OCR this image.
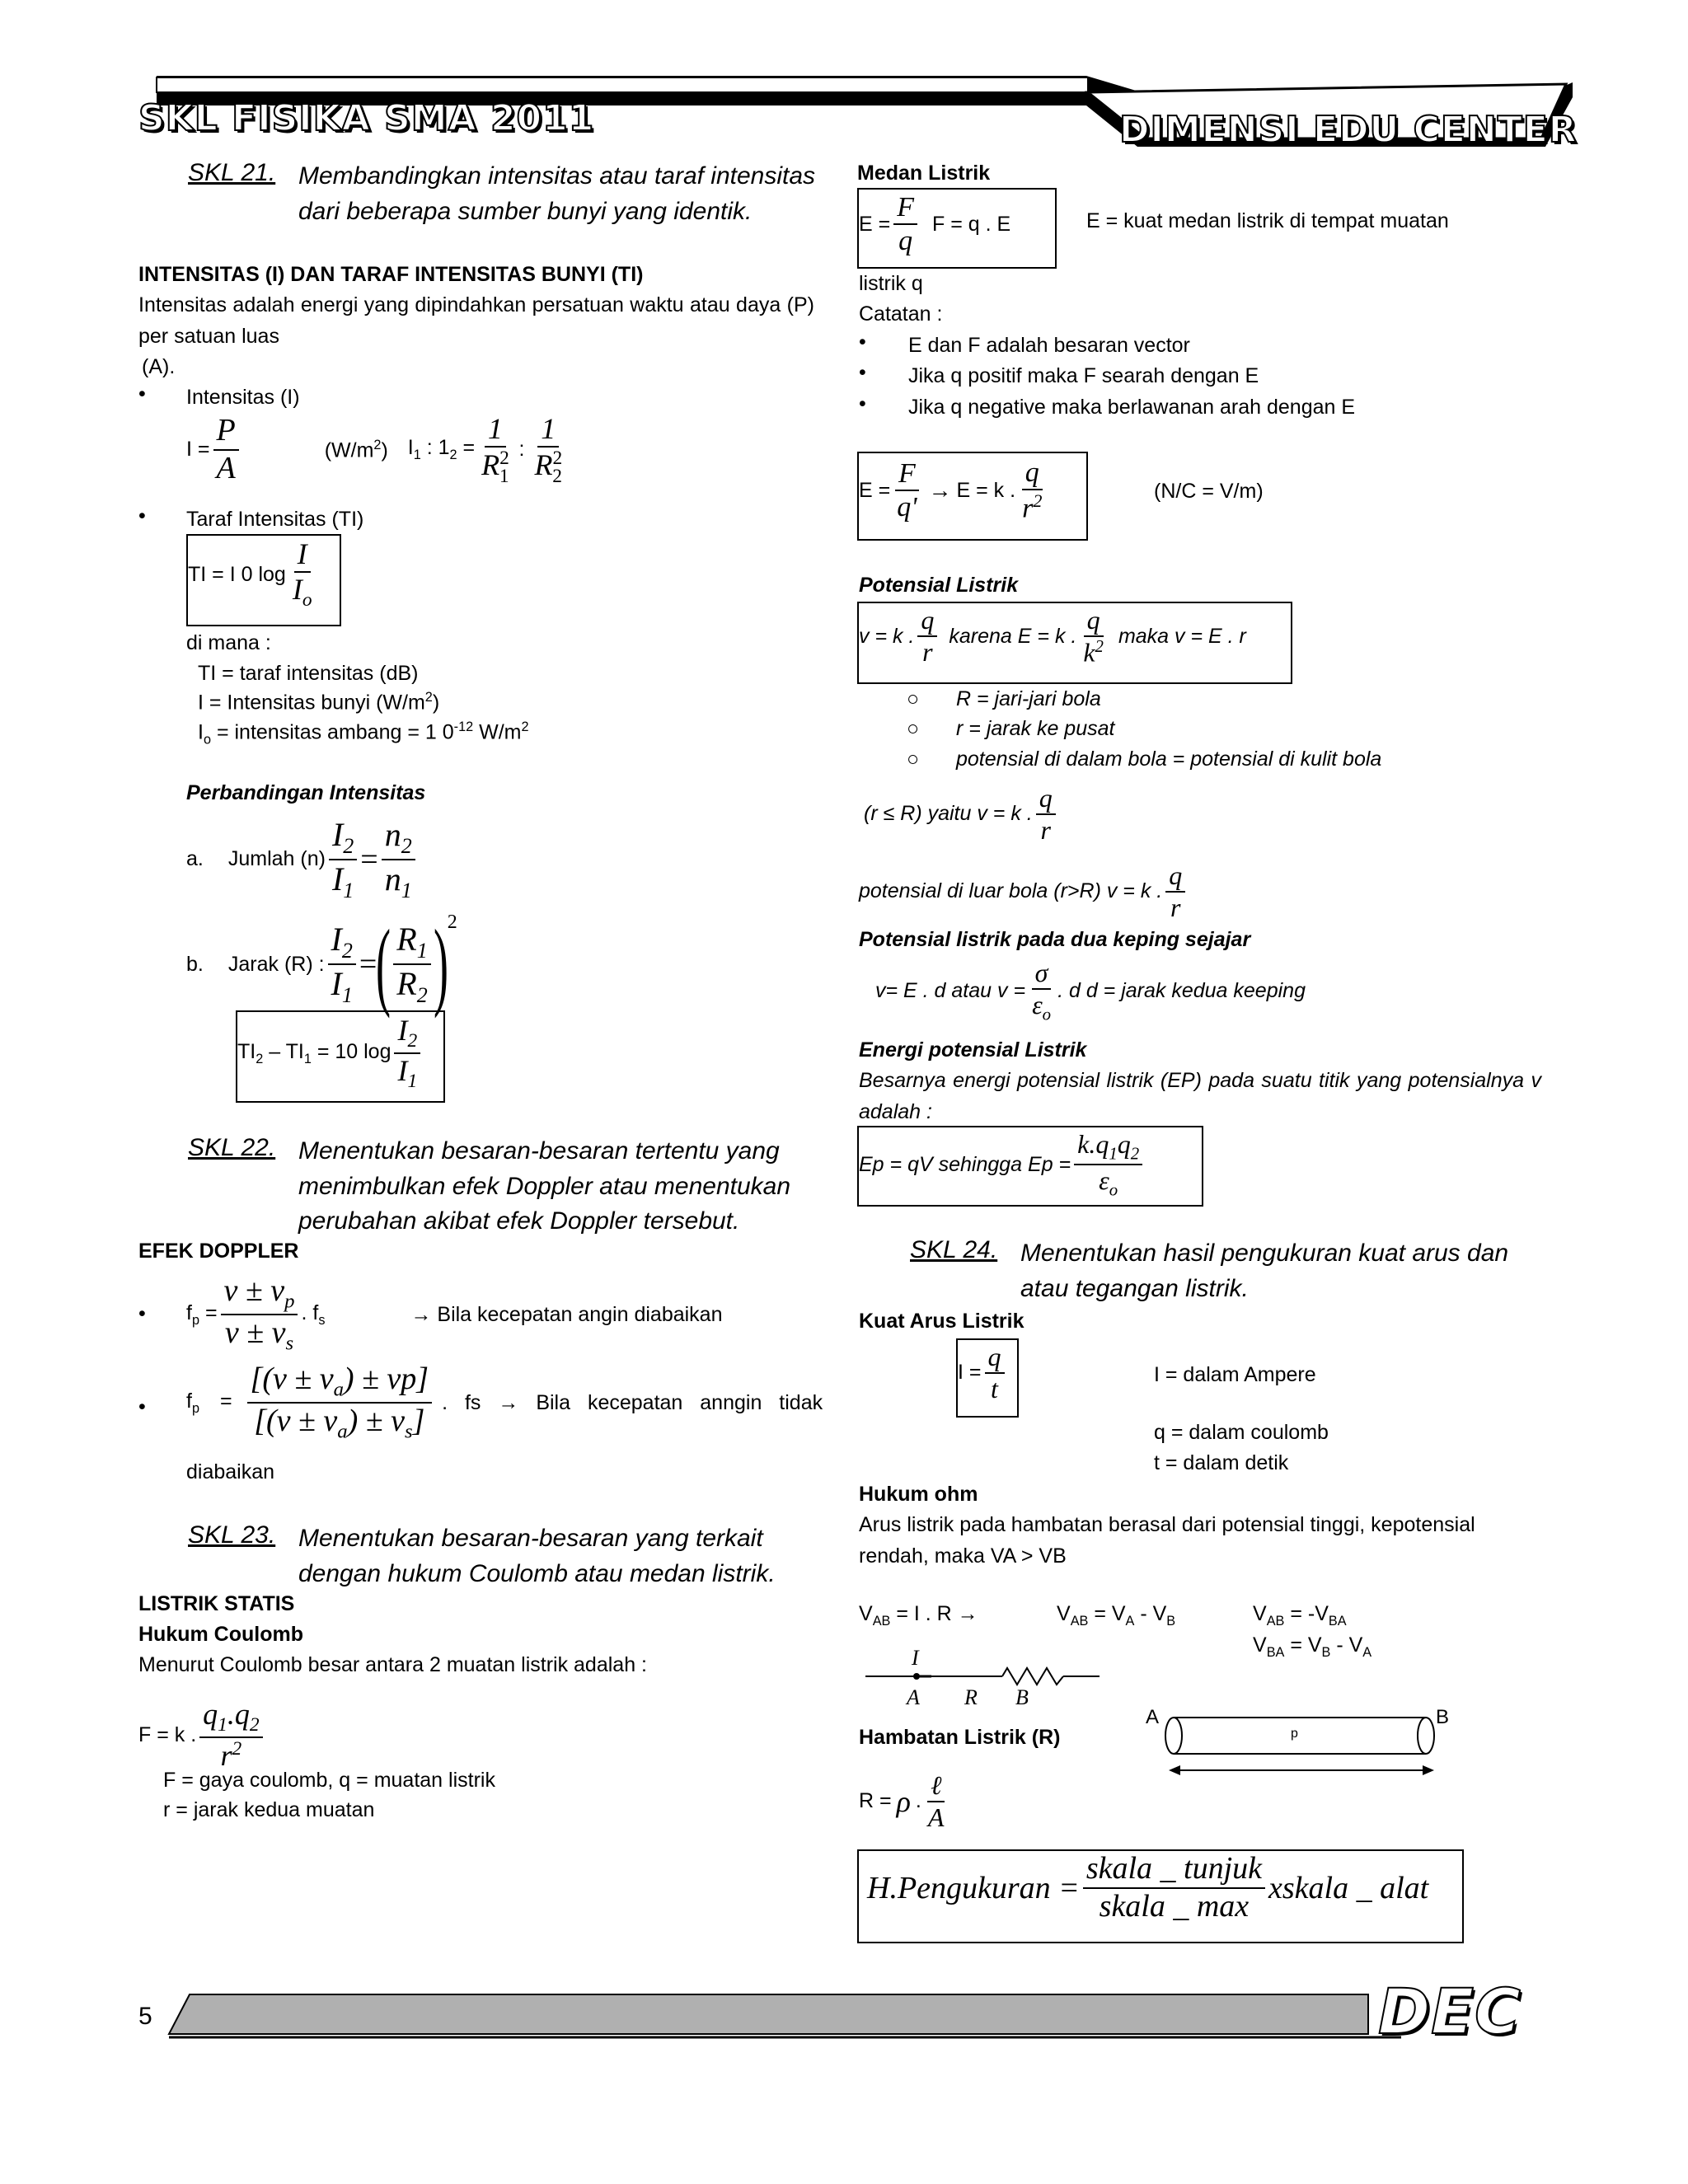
SKL FISIKA SMA 2011	DIMENSI EDU CENTER
SKL 21. Membandingkan intensitas atau taraf intensitas dari beberapa sumber bunyi yang identik.
INTENSITAS (I) DAN TARAF INTENSITAS BUNYI (TI)
Intensitas adalah energi yang dipindahkan persatuan waktu atau daya (P) per satuan luas
(A).
• Intensitas (I)
$I = \frac{P}{A}$	$(W/m^2)$ $I_1$ : $1_2 = \frac{1}{R^2_1}$ : $\frac{1}{R^2_2}$
• Taraf Intensitas (TI)
TI = I 0 $\log \frac{I}{I_o}$
di mana :
TI = taraf intensitas (dB)
I = Intensitas bunyi $(W/m^2)$
$I_o$ = intensitas ambang = 1 $0^{-12}$ $W/m^2$
Perbandingan Intensitas
a. Jumlah $(n) \frac{I_2}{I_1} = \frac{n_2}{n_1}$
b. Jarak (R) : $\frac{I_2}{I_1}$ =
( $\frac{R_1}{R_2}$ )
2
$TI_2 - TI_1 = 10$ $\log \frac{I_2}{I_1}$
SKL 22. Menentukan besaran-besaran tertentu yang menimbulkan efek Doppler atau menentukan perubahan akibat efek Doppler tersebut.
EFEK DOPPLER
• $f_p = \frac{v \pm v_p}{v \pm v_s}$ . $f_s$	→ Bila kecepatan angin diabaikan
• $f_p = \frac{[(v \pm v_a) \pm vp]}{[(v \pm v_a) \pm v_s]}$ . fs → Bila kecepatan anngin tidak
diabaikan
SKL 23. Menentukan besaran-besaran yang terkait dengan hukum Coulomb atau medan listrik.
LISTRIK STATIS
Hukum Coulomb
Menurut Coulomb besar antara 2 muatan listrik adalah :
F = k . $\frac{q_1.q_2}{r^2}$
F = gaya coulomb, q = muatan listrik
r = jarak kedua muatan
Medan Listrik
$E = \frac{F}{q}$ F = q . E	E = kuat medan listrik di tempat muatan
listrik q
Catatan :
• E dan F adalah besaran vector
• Jika q positif maka F searah dengan E
• Jika q negative maka berlawanan arah dengan E
$E = \frac{F}{q'} \to E = k$ . $\frac{q}{r^2}$	(N/C = V/m)
Potensial Listrik
v = k . $\frac{q}{r}$ karena E = k . $\frac{q}{k^2}$ maka v = E . r
○ R = jari-jari bola
○ r = jarak ke pusat
○ potensial di dalam bola = potensial di kulit bola
(r ≤ R) yaitu v = k . $\frac{q}{r}$
potensial di luar bola (r>R) v = k . $\frac{q}{r}$
Potensial listrik pada dua keping sejajar
v= E . d atau $v = \frac{\sigma}{\varepsilon_o}$ . d d = jarak kedua keeping
Energi potensial Listrik
Besarnya energi potensial listrik (EP) pada suatu titik yang potensialnya v adalah :
Ep = qV sehingga $Ep = \frac{k.q_1q_2}{\varepsilon_o}$
SKL 24. Menentukan hasil pengukuran kuat arus dan atau tegangan listrik.
Kuat Arus Listrik
$I = \frac{q}{t}$	I = dalam Ampere
q = dalam coulomb
t = dalam detik
Hukum ohm
Arus listrik pada hambatan berasal dari potensial tinggi, kepotensial rendah, maka VA > VB
$V_{AB} = I$ . R →	$V_{AB} = V_A - V_B$	$V_{AB} = -V_{BA}$
$V_{BA} = V_B - V_A$
I
A R B
Hambatan Listrik (R)
A	B
p
R = ρ . $\frac{\text{ℓ}}{A}$
H.Pengukuran = $\frac{\text{skala \_ tunjuk}}{\text{skala \_ max}}$ xskala _ alat
5	DEC
